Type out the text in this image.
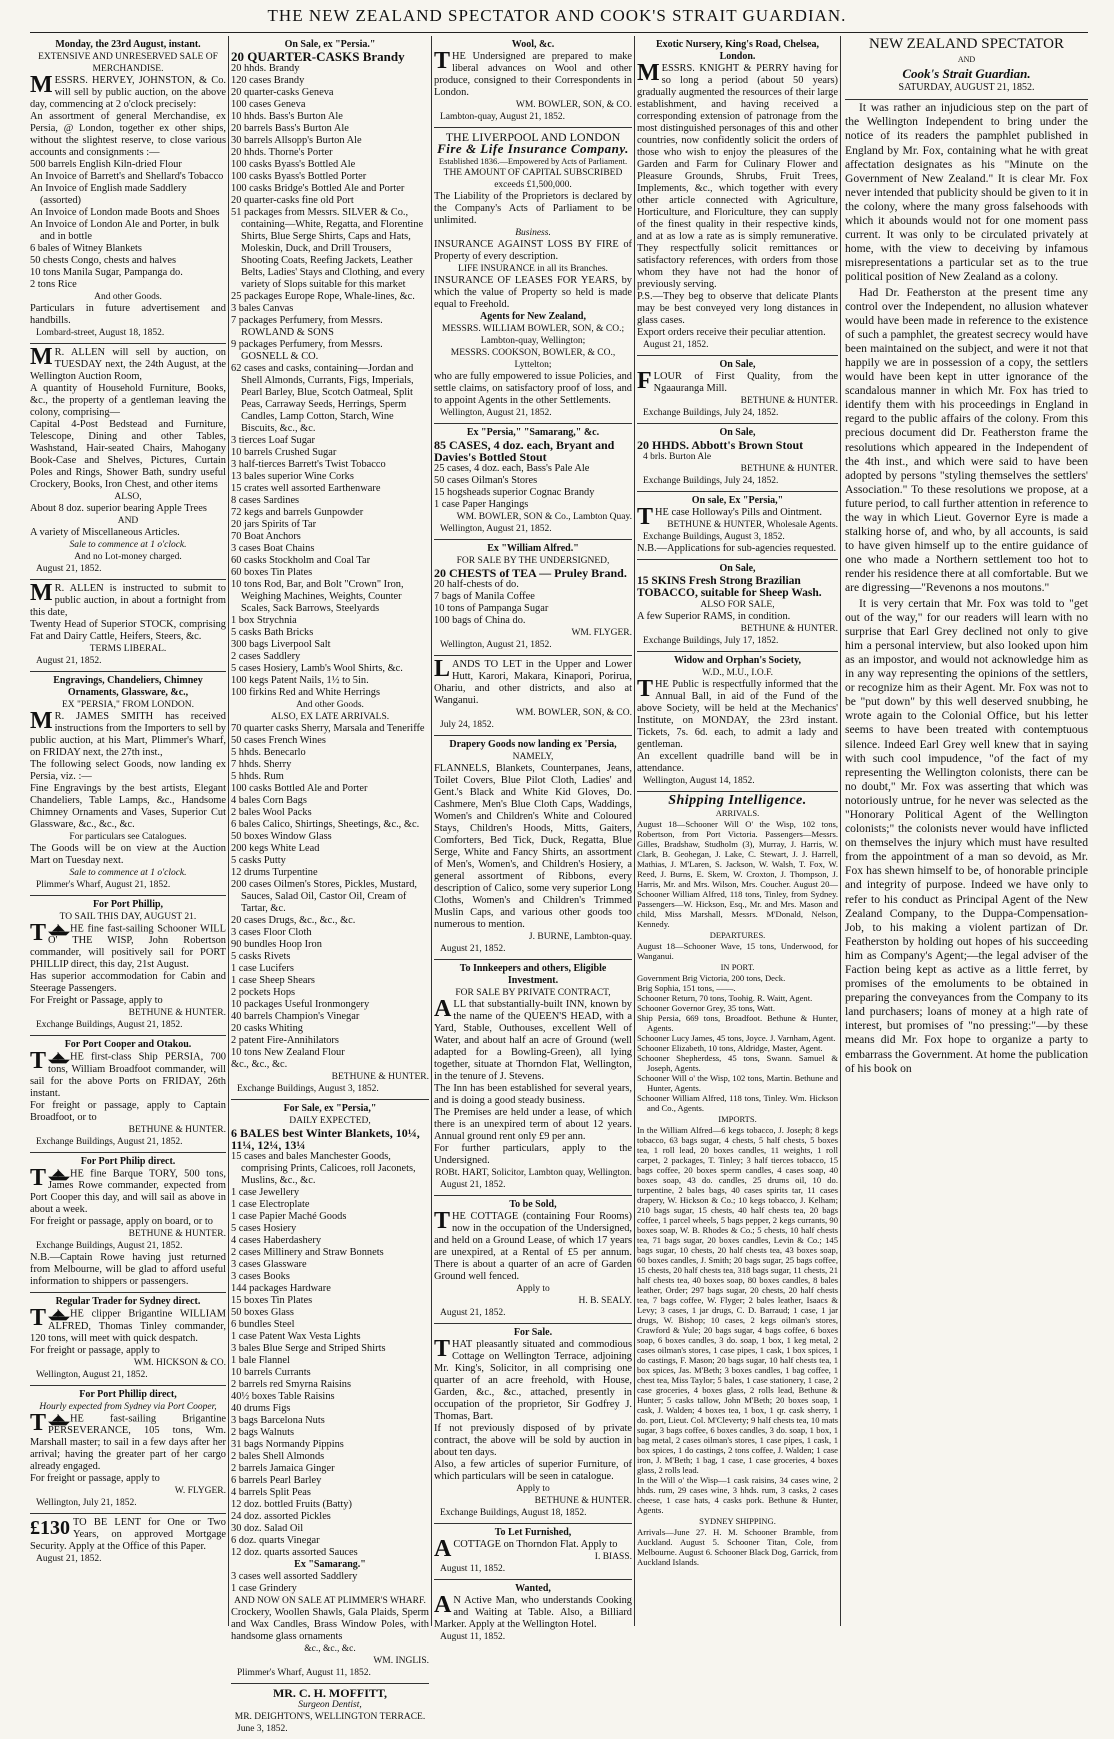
THE NEW ZEALAND SPECTATOR AND COOK'S STRAIT GUARDIAN.
Monday, the 23rd August, instant.
EXTENSIVE AND UNRESERVED SALE OF MERCHANDISE.

MESSRS. HERVEY, JOHNSTON, & Co. will sell by public auction, on the above day, commencing at 2 o'clock precisely:

An assortment of general Merchandise, ex Persia, @ London, together ex other ships, without the slightest reserve, to close various accounts and consignments :—

500 barrels English Kiln-dried Flour
An Invoice of Barrett's and Shellard's Tobacco
An Invoice of English made Saddlery (assorted)
An Invoice of London made Boots and Shoes
An Invoice of London Ale and Porter, in bulk and in bottle
6 bales of Witney Blankets
50 chests Congo, chests and halves
10 tons Manila Sugar, Pampanga do.
2 tons Rice
And other Goods.

Particulars in future advertisement and handbills.

Lombard-street, August 18, 1852.

M R. ALLEN will sell by auction, on TUESDAY next, the 24th August, at the Wellington Auction Room,

A quantity of Household Furniture, Books, &c., the property of a gentleman leaving the colony, comprising—

Capital 4-Post Bedstead and Furniture, Telescope, Dining and other Tables, Washstand, Hair-seated Chairs, Mahogany Book-Case and Shelves, Pictures, Curtain Poles and Rings, Shower Bath, sundry useful Crockery, Books, Iron Chest, and other items

ALSO,

About 8 doz. superior bearing Apple Trees

AND

A variety of Miscellaneous Articles.

Sale to commence at 1 o'clock.
And no Lot-money charged.
August 21, 1852.

M R. ALLEN is instructed to submit to public auction, in about a fortnight from this date,

Twenty Head of Superior STOCK, comprising Fat and Dairy Cattle, Heifers, Steers, &c.

TERMS LIBERAL.
August 21, 1852.
Engravings, Chandeliers, Chimney Ornaments, Glassware, &c.,
EX "PERSIA," FROM LONDON.

M R. JAMES SMITH has received instructions from the Importers to sell by public auction, at his Mart, Plimmer's Wharf, on FRIDAY next, the 27th inst.,

The following select Goods, now landing ex Persia, viz. :—

Fine Engravings by the best artists, Elegant Chandeliers, Table Lamps, &c., Handsome Chimney Ornaments and Vases, Superior Cut Glassware, &c., &c., &c.

For particulars see Catalogues.

The Goods will be on view at the Auction Mart on Tuesday next.

Sale to commence at 1 o'clock.
Plimmer's Wharf, August 21, 1852.
For Port Phillip,
TO SAIL THIS DAY, AUGUST 21.

T HE fine fast-sailing Schooner WILL O' THE WISP, John Robertson commander, will positively sail for PORT PHILLIP direct, this day, 21st August.

Has superior accommodation for Cabin and Steerage Passengers.

For Freight or Passage, apply to

BETHUNE & HUNTER.
Exchange Buildings, August 21, 1852.
For Port Cooper and Otakou.

T HE first-class Ship PERSIA, 700 tons, William Broadfoot commander, will sail for the above Ports on FRIDAY, 26th instant.

For freight or passage, apply to Captain Broadfoot, or to

BETHUNE & HUNTER.
Exchange Buildings, August 21, 1852.
For Port Philip direct.

T HE fine Barque TORY, 500 tons, James Rowe commander, expected from Port Cooper this day, and will sail as above in about a week.

For freight or passage, apply on board, or to

BETHUNE & HUNTER.
Exchange Buildings, August 21, 1852.

N.B.—Captain Rowe having just returned from Melbourne, will be glad to afford useful information to shippers or passengers.

Regular Trader for Sydney direct.

T HE clipper Brigantine WILLIAM ALFRED, Thomas Tinley commander, 120 tons, will meet with quick despatch.

For freight or passage, apply to

WM. HICKSON & CO.
Wellington, August 21, 1852.
For Port Phillip direct,
Hourly expected from Sydney via Port Cooper,

T HE fast-sailing Brigantine PERSEVERANCE, 105 tons, Wm. Marshall master; to sail in a few days after her arrival; having the greater part of her cargo already engaged.

For freight or passage, apply to

W. FLYGER.
Wellington, July 21, 1852.

£130 TO BE LENT for One or Two Years, on approved Mortgage Security. Apply at the Office of this Paper.

August 21, 1852.
On Sale, ex "Persia."
20 QUARTER-CASKS Brandy
20 hhds. Brandy
120 cases Brandy
20 quarter-casks Geneva
100 cases Geneva
10 hhds. Bass's Burton Ale
20 barrels Bass's Burton Ale
30 barrels Allsopp's Burton Ale
20 hhds. Thorne's Porter
100 casks Byass's Bottled Ale
100 casks Byass's Bottled Porter
100 casks Bridge's Bottled Ale and Porter
20 quarter-casks fine old Port
51 packages from Messrs. SILVER & Co., containing—White, Regatta, and Florentine Shirts, Blue Serge Shirts, Caps and Hats, Moleskin, Duck, and Drill Trousers, Shooting Coats, Reefing Jackets, Leather Belts, Ladies' Stays and Clothing, and every variety of Slops suitable for this market
25 packages Europe Rope, Whale-lines, &c.
3 bales Canvas
7 packages Perfumery, from Messrs. ROWLAND & SONS
9 packages Perfumery, from Messrs. GOSNELL & CO.
62 cases and casks, containing—Jordan and Shell Almonds, Currants, Figs, Imperials, Pearl Barley, Blue, Scotch Oatmeal, Split Peas, Carraway Seeds, Herrings, Sperm Candles, Lamp Cotton, Starch, Wine Biscuits, &c., &c.
3 tierces Loaf Sugar
10 barrels Crushed Sugar
3 half-tierces Barrett's Twist Tobacco
13 bales superior Wine Corks
15 crates well assorted Earthenware
8 cases Sardines
72 kegs and barrels Gunpowder
20 jars Spirits of Tar
70 Boat Anchors
3 cases Boat Chains
60 casks Stockholm and Coal Tar
60 boxes Tin Plates
10 tons Rod, Bar, and Bolt "Crown" Iron, Weighing Machines, Weights, Counter Scales, Sack Barrows, Steelyards
1 box Strychnia
5 casks Bath Bricks
300 bags Liverpool Salt
2 cases Saddlery
5 cases Hosiery, Lamb's Wool Shirts, &c.
100 kegs Patent Nails, 1½ to 5in.
100 firkins Red and White Herrings
And other Goods.
ALSO, EX LATE ARRIVALS.
70 quarter casks Sherry, Marsala and Teneriffe
50 cases French Wines
5 hhds. Benecarlo
7 hhds. Sherry
5 hhds. Rum
100 casks Bottled Ale and Porter
4 bales Corn Bags
2 bales Wool Packs
6 bales Calico, Shirtings, Sheetings, &c., &c.
50 boxes Window Glass
200 kegs White Lead
5 casks Putty
12 drums Turpentine
200 cases Oilmen's Stores, Pickles, Mustard, Sauces, Salad Oil, Castor Oil, Cream of Tartar, &c.
20 cases Drugs, &c., &c., &c.
3 cases Floor Cloth
90 bundles Hoop Iron
5 casks Rivets
1 case Lucifers
1 case Sheep Shears
2 pockets Hops
10 packages Useful Ironmongery
40 barrels Champion's Vinegar
20 casks Whiting
2 patent Fire-Annihilators
10 tons New Zealand Flour
&c., &c., &c.
BETHUNE & HUNTER.
Exchange Buildings, August 3, 1852.
For Sale, ex "Persia,"
DAILY EXPECTED,
6 BALES best Winter Blankets, 10¼, 11¼, 12¼, 13¼
15 cases and bales Manchester Goods, comprising Prints, Calicoes, roll Jaconets, Muslins, &c., &c.
1 case Jewellery
1 case Electroplate
1 case Papier Maché Goods
5 cases Hosiery
4 cases Haberdashery
2 cases Millinery and Straw Bonnets
3 cases Glassware
3 cases Books
144 packages Hardware
15 boxes Tin Plates
50 boxes Glass
6 bundles Steel
1 case Patent Wax Vesta Lights
3 bales Blue Serge and Striped Shirts
1 bale Flannel
10 barrels Currants
2 barrels red Smyrna Raisins
40½ boxes Table Raisins
40 drums Figs
3 bags Barcelona Nuts
2 bags Walnuts
31 bags Normandy Pippins
2 bales Shell Almonds
2 barrels Jamaica Ginger
6 barrels Pearl Barley
4 barrels Split Peas
12 doz. bottled Fruits (Batty)
24 doz. assorted Pickles
30 doz. Salad Oil
6 doz. quarts Vinegar
12 doz. quarts assorted Sauces
Ex "Samarang."
3 cases well assorted Saddlery
1 case Grindery
AND NOW ON SALE AT PLIMMER'S WHARF.

Crockery, Woollen Shawls, Gala Plaids, Sperm and Wax Candles, Brass Window Poles, with handsome glass ornaments

&c., &c., &c.
WM. INGLIS.
Plimmer's Wharf, August 11, 1852.
MR. C. H. MOFFITT,
Surgeon Dentist,
MR. DEIGHTON'S, WELLINGTON TERRACE.
June 3, 1852.
Wool, &c.

THE Undersigned are prepared to make liberal advances on Wool and other produce, consigned to their Correspondents in London.

WM. BOWLER, SON, & CO.
Lambton-quay, August 21, 1852.
THE LIVERPOOL AND LONDON
Fire & Life Insurance Company.
Established 1836.—Empowered by Acts of Parliament.
THE AMOUNT OF CAPITAL SUBSCRIBED exceeds £1,500,000.

The Liability of the Proprietors is declared by the Company's Acts of Parliament to be unlimited.

Business.

INSURANCE AGAINST LOSS BY FIRE of Property of every description.

LIFE INSURANCE in all its Branches.

INSURANCE OF LEASES FOR YEARS, by which the value of Property so held is made equal to Freehold.

Agents for New Zealand,
MESSRS. WILLIAM BOWLER, SON, & CO.; Lambton-quay, Wellington;
MESSRS. COOKSON, BOWLER, & CO., Lyttelton;

who are fully empowered to issue Policies, and settle claims, on satisfactory proof of loss, and to appoint Agents in the other Settlements.

Wellington, August 21, 1852.
Ex "Persia," "Samarang," &c.
85 CASES, 4 doz. each, Bryant and Davies's Bottled Stout
25 cases, 4 doz. each, Bass's Pale Ale
50 cases Oilman's Stores
15 hogsheads superior Cognac Brandy
1 case Paper Hangings
WM. BOWLER, SON & Co., Lambton Quay.
Wellington, August 21, 1852.
Ex "William Alfred."
FOR SALE BY THE UNDERSIGNED,
20 CHESTS of TEA — Pruley Brand.
20 half-chests of do.
7 bags of Manila Coffee
10 tons of Pampanga Sugar
100 bags of China do.
WM. FLYGER.
Wellington, August 21, 1852.

LANDS TO LET in the Upper and Lower Hutt, Karori, Makara, Kinapori, Porirua, Ohariu, and other districts, and also at Wanganui.

WM. BOWLER, SON, & CO.
July 24, 1852.
Drapery Goods now landing ex 'Persia,
NAMELY,

FLANNELS, Blankets, Counterpanes, Jeans, Toilet Covers, Blue Pilot Cloth, Ladies' and Gent.'s Black and White Kid Gloves, Do. Cashmere, Men's Blue Cloth Caps, Waddings, Women's and Children's White and Coloured Stays, Children's Hoods, Mitts, Gaiters, Comforters, Bed Tick, Duck, Regatta, Blue Serge, White and Fancy Shirts, an assortment of Men's, Women's, and Children's Hosiery, a general assortment of Ribbons, every description of Calico, some very superior Long Cloths, Women's and Children's Trimmed Muslin Caps, and various other goods too numerous to mention.

J. BURNE, Lambton-quay.
August 21, 1852.
To Innkeepers and others, Eligible Investment.
FOR SALE BY PRIVATE CONTRACT,

ALL that substantially-built INN, known by the name of the QUEEN'S HEAD, with a Yard, Stable, Outhouses, excellent Well of Water, and about half an acre of Ground (well adapted for a Bowling-Green), all lying together, situate at Thorndon Flat, Wellington, in the tenure of J. Stevens.

The Inn has been established for several years, and is doing a good steady business.

The Premises are held under a lease, of which there is an unexpired term of about 12 years. Annual ground rent only £9 per ann.

For further particulars, apply to the Undersigned.

ROBt. HART, Solicitor, Lambton quay, Wellington.
August 21, 1852.
To be Sold,

THE COTTAGE (containing Four Rooms) now in the occupation of the Undersigned, and held on a Ground Lease, of which 17 years are unexpired, at a Rental of £5 per annum. There is about a quarter of an acre of Garden Ground well fenced.

Apply to
H. B. SEALY.
August 21, 1852.
For Sale.

THAT pleasantly situated and commodious Cottage on Wellington Terrace, adjoining Mr. King's, Solicitor, in all comprising one quarter of an acre freehold, with House, Garden, &c., &c., attached, presently in occupation of the proprietor, Sir Godfrey J. Thomas, Bart.

If not previously disposed of by private contract, the above will be sold by auction in about ten days.

Also, a few articles of superior Furniture, of which particulars will be seen in catalogue.

Apply to
BETHUNE & HUNTER.
Exchange Buildings, August 18, 1852.
To Let Furnished,

ACOTTAGE on Thorndon Flat. Apply to

I. BIASS.
August 11, 1852.
Wanted,

A N Active Man, who understands Cooking and Waiting at Table. Also, a Billiard Marker. Apply at the Wellington Hotel.

August 11, 1852.
Exotic Nursery, King's Road, Chelsea, London.

MESSRS. KNIGHT & PERRY having for so long a period (about 50 years) gradually augmented the resources of their large establishment, and having received a corresponding extension of patronage from the most distinguished personages of this and other countries, now confidently solicit the orders of those who wish to enjoy the pleasures of the Garden and Farm for Culinary Flower and Pleasure Grounds, Shrubs, Fruit Trees, Implements, &c., which together with every other article connected with Agriculture, Horticulture, and Floriculture, they can supply of the finest quality in their respective kinds, and at as low a rate as is simply remunerative. They respectfully solicit remittances or satisfactory references, with orders from those whom they have not had the honor of previously serving.

P.S.—They beg to observe that delicate Plants may be best conveyed very long distances in glass cases.

Export orders receive their peculiar attention.

August 21, 1852.
On Sale,

FLOUR of First Quality, from the Ngaauranga Mill.

BETHUNE & HUNTER.
Exchange Buildings, July 24, 1852.
On Sale,
20 HHDS. Abbott's Brown Stout
4 brls. Burton Ale
BETHUNE & HUNTER.
Exchange Buildings, July 24, 1852.
On sale, Ex "Persia,"

THE case Holloway's Pills and Ointment.

BETHUNE & HUNTER, Wholesale Agents.
Exchange Buildings, August 3, 1852.

N.B.—Applications for sub-agencies requested.

On Sale,
15 SKINS Fresh Strong Brazilian TOBACCO, suitable for Sheep Wash.
ALSO FOR SALE,

A few Superior RAMS, in condition.

BETHUNE & HUNTER.
Exchange Buildings, July 17, 1852.
Widow and Orphan's Society,
W.D., M.U., I.O.F.

THE Public is respectfully informed that the Annual Ball, in aid of the Fund of the above Society, will be held at the Mechanics' Institute, on MONDAY, the 23rd instant. Tickets, 7s. 6d. each, to admit a lady and gentleman.

An excellent quadrille band will be in attendance.

Wellington, August 14, 1852.
Shipping Intelligence.
ARRIVALS.
August 18—Schooner Will O' the Wisp, 102 tons, Robertson, from Port Victoria. Passengers—Messrs. Gilles, Bradshaw, Studholm (3), Murray, J. Harris, W. Clark, B. Geohegan, J. Lake, C. Stewart, J. J. Harrell, Mathias, J. M'Laren, S. Jackson, W. Walsh, T. Fox, W. Reed, J. Burns, E. Skem, W. Croxton, J. Thompson, J. Harris, Mr. and Mrs. Wilson, Mrs. Coucher. August 20—Schooner William Alfred, 118 tons, Tinley, from Sydney. Passengers—W. Hickson, Esq., Mr. and Mrs. Mason and child, Miss Marshall, Messrs. M'Donald, Nelson, Kennedy.
DEPARTURES.
August 18—Schooner Wave, 15 tons, Underwood, for Wanganui.
IN PORT.
Government Brig Victoria, 200 tons, Deck.
Brig Sophia, 151 tons, ——.
Schooner Return, 70 tons, Toohig. R. Waitt, Agent.
Schooner Governor Grey, 35 tons, Watt.
Ship Persia, 669 tons, Broadfoot. Bethune & Hunter, Agents.
Schooner Lucy James, 45 tons, Joyce. J. Varnham, Agent.
Schooner Elizabeth, 10 tons, Aldridge, Master, Agent.
Schooner Shepherdess, 45 tons, Swann. Samuel & Joseph, Agents.
Schooner Will o' the Wisp, 102 tons, Martin. Bethune and Hunter, Agents.
Schooner William Alfred, 118 tons, Tinley. Wm. Hickson and Co., Agents.
IMPORTS.
In the William Alfred—6 kegs tobacco, J. Joseph; 8 kegs tobacco, 63 bags sugar, 4 chests, 5 half chests, 5 boxes tea, 1 roll lead, 20 boxes candles, 11 weights, 1 roll carpet, 2 packages, T. Tinley; 3 half tierces tobacco, 15 bags coffee, 20 boxes sperm candles, 4 cases soap, 40 boxes soap, 43 do. candles, 25 drums oil, 10 do. turpentine, 2 bales bags, 40 cases spirits tar, 11 cases drapery, W. Hickson & Co.; 10 kegs tobacco, J. Kelham; 210 bags sugar, 15 chests, 40 half chests tea, 20 bags coffee, 1 parcel wheels, 5 bags pepper, 2 kegs currants, 90 boxes soap, W. B. Rhodes & Co.; 5 chests, 10 half chests tea, 71 bags sugar, 20 boxes candles, Levin & Co.; 145 bags sugar, 10 chests, 20 half chests tea, 43 boxes soap, 60 boxes candles, J. Smith; 20 bags sugar, 25 bags coffee, 15 chests, 20 half chests tea, 318 bags sugar, 11 chests, 21 half chests tea, 40 boxes soap, 80 boxes candles, 8 bales leather, Order; 297 bags sugar, 20 chests, 20 half chests tea, 7 bags coffee, W. Flyger; 2 bales leather, Isaacs & Levy; 3 cases, 1 jar drugs, C. D. Barraud; 1 case, 1 jar drugs, W. Bishop; 10 cases, 2 kegs oilman's stores, Crawford & Yule; 20 bags sugar, 4 bags coffee, 6 boxes soap, 6 boxes candles, 3 do. soap, 1 box, 1 keg metal, 2 cases oilman's stores, 1 case pipes, 1 cask, 1 box spices, 1 do castings, F. Mason; 20 bags sugar, 10 half chests tea, 1 box spices, Jas. M'Beth; 3 boxes candles, 1 bag coffee, 1 chest tea, Miss Taylor; 5 bales, 1 case stationery, 1 case, 2 case groceries, 4 boxes glass, 2 rolls lead, Bethune & Hunter; 5 casks tallow, John M'Beth; 20 boxes soap, 1 cask, J. Walden; 4 boxes tea, 1 box, 1 qr. cask sherry, 1 do. port, Lieut. Col. M'Cleverty; 9 half chests tea, 10 mats sugar, 3 bags coffee, 6 boxes candles, 3 do. soap, 1 box, 1 bag metal, 2 cases oilman's stores, 1 case pipes, 1 cask, 1 box spices, 1 do castings, 2 tons coffee, J. Walden; 1 case iron, J. M'Beth; 1 bag, 1 case, 1 case groceries, 4 boxes glass, 2 rolls lead.
In the Will o' the Wisp—1 cask raisins, 34 cases wine, 2 hhds. rum, 29 cases wine, 3 hhds. rum, 3 casks, 2 cases cheese, 1 case hats, 4 casks pork. Bethune & Hunter, Agents.
SYDNEY SHIPPING.
Arrivals—June 27. H. M. Schooner Bramble, from Auckland. August 5. Schooner Titan, Cole, from Melbourne. August 6. Schooner Black Dog, Garrick, from Auckland Islands.
NEW ZEALAND SPECTATOR
AND
Cook's Strait Guardian.
SATURDAY, AUGUST 21, 1852.

It was rather an injudicious step on the part of the Wellington Independent to bring under the notice of its readers the pamphlet published in England by Mr. Fox, containing what he with great affectation designates as his "Minute on the Government of New Zealand." It is clear Mr. Fox never intended that publicity should be given to it in the colony, where the many gross falsehoods with which it abounds would not for one moment pass current. It was only to be circulated privately at home, with the view to deceiving by infamous misrepresentations a particular set as to the true political position of New Zealand as a colony.

Had Dr. Featherston at the present time any control over the Independent, no allusion whatever would have been made in reference to the existence of such a pamphlet, the greatest secrecy would have been maintained on the subject, and were it not that happily we are in possession of a copy, the settlers would have been kept in utter ignorance of the scandalous manner in which Mr. Fox has tried to identify them with his proceedings in England in regard to the public affairs of the colony. From this precious document did Dr. Featherston frame the resolutions which appeared in the Independent of the 4th inst., and which were said to have been adopted by persons "styling themselves the settlers' Association." To these resolutions we propose, at a future period, to call further attention in reference to the way in which Lieut. Governor Eyre is made a stalking horse of, and who, by all accounts, is said to have given himself up to the entire guidance of one who made a Northern settlement too hot to render his residence there at all comfortable. But we are digressing—"Revenons a nos moutons."

It is very certain that Mr. Fox was told to "get out of the way," for our readers will learn with no surprise that Earl Grey declined not only to give him a personal interview, but also looked upon him as an impostor, and would not acknowledge him as in any way representing the opinions of the settlers, or recognize him as their Agent. Mr. Fox was not to be "put down" by this well deserved snubbing, he wrote again to the Colonial Office, but his letter seems to have been treated with contemptuous silence. Indeed Earl Grey well knew that in saying with such cool impudence, "of the fact of my representing the Wellington colonists, there can be no doubt," Mr. Fox was asserting that which was notoriously untrue, for he never was selected as the "Honorary Political Agent of the Wellington colonists;" the colonists never would have inflicted on themselves the injury which must have resulted from the appointment of a man so devoid, as Mr. Fox has shewn himself to be, of honorable principle and integrity of purpose. Indeed we have only to refer to his conduct as Principal Agent of the New Zealand Company, to the Duppa-Compensation-Job, to his making a violent partizan of Dr. Featherston by holding out hopes of his succeeding him as Company's Agent;—the legal adviser of the Faction being kept as active as a little ferret, by promises of the emoluments to be obtained in preparing the conveyances from the Company to its land purchasers; loans of money at a high rate of interest, but promises of "no pressing:"—by these means did Mr. Fox hope to organize a party to embarrass the Government. At home the publication of his book on
